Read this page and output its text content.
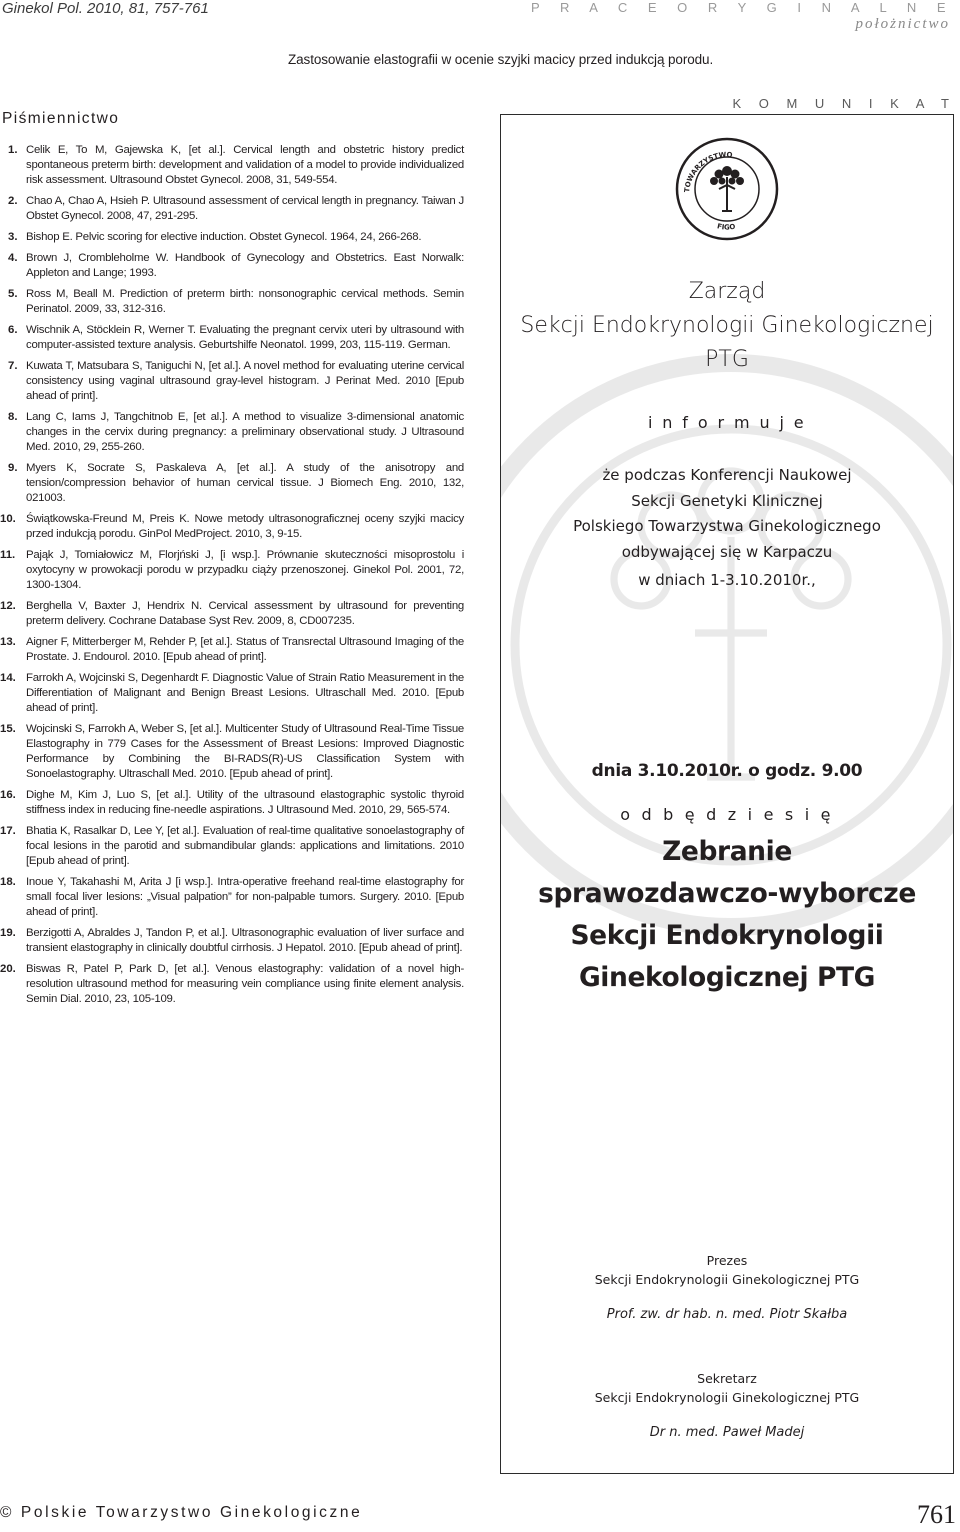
Ginekol Pol. 2010, 81, 757-761	P R A C E O R Y G I N A L N E
położnictwo
Zastosowanie elastografii w ocenie szyjki macicy przed indukcją porodu.
Piśmiennictwo
1. Celik E, To M, Gajewska K, [et al.]. Cervical length and obstetric history predict spontaneous preterm birth: development and validation of a model to provide individualized risk assessment. Ultrasound Obstet Gynecol. 2008, 31, 549-554.
2. Chao A, Chao A, Hsieh P. Ultrasound assessment of cervical length in pregnancy. Taiwan J Obstet Gynecol. 2008, 47, 291-295.
3. Bishop E. Pelvic scoring for elective induction. Obstet Gynecol. 1964, 24, 266-268.
4. Brown J, Crombleholme W. Handbook of Gynecology and Obstetrics. East Norwalk: Appleton and Lange; 1993.
5. Ross M, Beall M. Prediction of preterm birth: nonsonographic cervical methods. Semin Perinatol. 2009, 33, 312-316.
6. Wischnik A, Stöcklein R, Werner T. Evaluating the pregnant cervix uteri by ultrasound with computer-assisted texture analysis. Geburtshilfe Neonatol. 1999, 203, 115-119. German.
7. Kuwata T, Matsubara S, Taniguchi N, [et al.]. A novel method for evaluating uterine cervical consistency using vaginal ultrasound gray-level histogram. J Perinat Med. 2010 [Epub ahead of print].
8. Lang C, Iams J, Tangchitnob E, [et al.]. A method to visualize 3-dimensional anatomic changes in the cervix during pregnancy: a preliminary observational study. J Ultrasound Med. 2010, 29, 255-260.
9. Myers K, Socrate S, Paskaleva A, [et al.]. A study of the anisotropy and tension/compression behavior of human cervical tissue. J Biomech Eng. 2010, 132, 021003.
10. Świątkowska-Freund M, Preis K. Nowe metody ultrasonograficznej oceny szyjki macicy przed indukcją porodu. GinPol MedProject. 2010, 3, 9-15.
11. Pająk J, Tomiałowicz M, Florjński J, [i wsp.]. Prównanie skuteczności misoprostolu i oxytocyny w prowokacji porodu w przypadku ciąży przenoszonej. Ginekol Pol. 2001, 72, 1300-1304.
12. Berghella V, Baxter J, Hendrix N. Cervical assessment by ultrasound for preventing preterm delivery. Cochrane Database Syst Rev. 2009, 8, CD007235.
13. Aigner F, Mitterberger M, Rehder P, [et al.]. Status of Transrectal Ultrasound Imaging of the Prostate. J. Endourol. 2010. [Epub ahead of print].
14. Farrokh A, Wojcinski S, Degenhardt F. Diagnostic Value of Strain Ratio Measurement in the Differentiation of Malignant and Benign Breast Lesions. Ultraschall Med. 2010. [Epub ahead of print].
15. Wojcinski S, Farrokh A, Weber S, [et al.]. Multicenter Study of Ultrasound Real-Time Tissue Elastography in 779 Cases for the Assessment of Breast Lesions: Improved Diagnostic Performance by Combining the BI-RADS(R)-US Classification System with Sonoelastography. Ultraschall Med. 2010. [Epub ahead of print].
16. Dighe M, Kim J, Luo S, [et al.]. Utility of the ultrasound elastographic systolic thyroid stiffness index in reducing fine-needle aspirations. J Ultrasound Med. 2010, 29, 565-574.
17. Bhatia K, Rasalkar D, Lee Y, [et al.]. Evaluation of real-time qualitative sonoelastography of focal lesions in the parotid and submandibular glands: applications and limitations. 2010 [Epub ahead of print].
18. Inoue Y, Takahashi M, Arita J [i wsp.]. Intra-operative freehand real-time elastography for small focal liver lesions: „Visual palpation” for non-palpable tumors. Surgery. 2010. [Epub ahead of print].
19. Berzigotti A, Abraldes J, Tandon P, et al.]. Ultrasonographic evaluation of liver surface and transient elastography in clinically doubtful cirrhosis. J Hepatol. 2010. [Epub ahead of print].
20. Biswas R, Patel P, Park D, [et al.]. Venous elastography: validation of a novel high-resolution ultrasound method for measuring vein compliance using finite element analysis. Semin Dial. 2010, 23, 105-109.
K O M U N I K A T
TOWARZYSTWO
FIGO
Zarząd
Sekcji Endokrynologii Ginekologicznej
PTG
i n f o r m u j e
że podczas Konferencji Naukowej
Sekcji Genetyki Klinicznej
Polskiego Towarzystwa Ginekologicznego
odbywającej się w Karpaczu
w dniach 1-3.10.2010r.,
dnia 3.10.2010r. o godz. 9.00
o d b ę d z i e s i ę
Zebranie
sprawozdawczo-wyborcze
Sekcji Endokrynologii
Ginekologicznej PTG
Prezes
Sekcji Endokrynologii Ginekologicznej PTG
Prof. zw. dr hab. n. med. Piotr Skałba
Sekretarz
Sekcji Endokrynologii Ginekologicznej PTG
Dr n. med. Paweł Madej
© Polskie Towarzystwo Ginekologiczne	761
